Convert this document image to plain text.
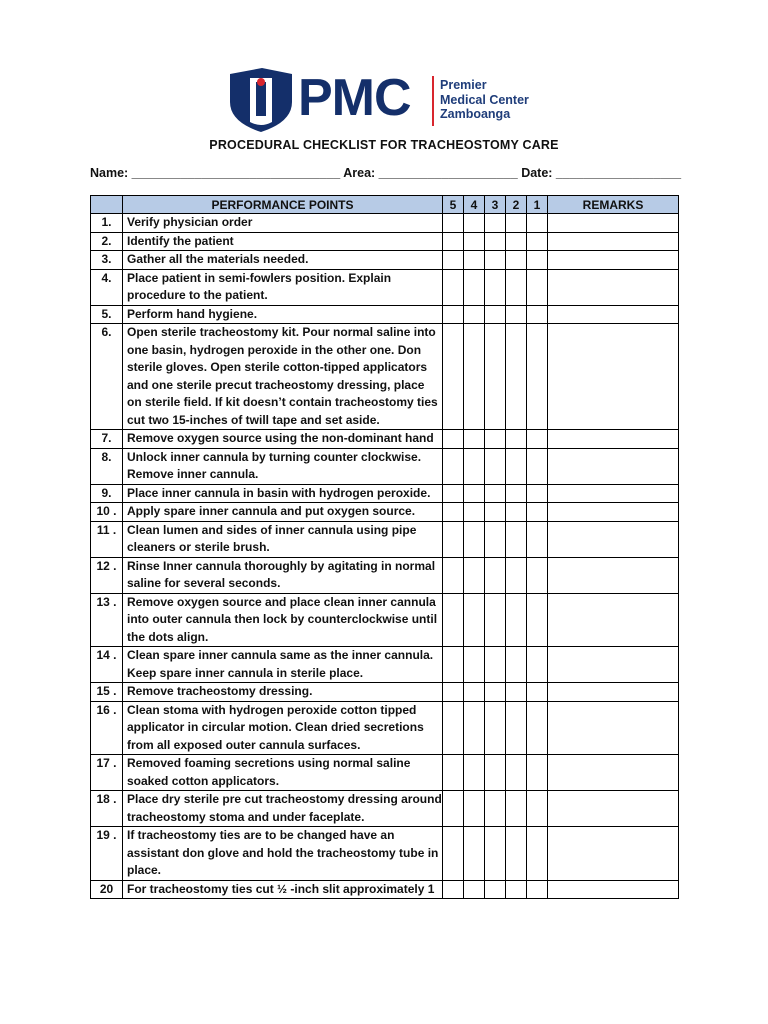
PMC Premier
Medical Center
Zamboanga
PROCEDURAL CHECKLIST FOR TRACHEOSTOMY CARE
Name: ______________________________ Area: ____________________ Date: __________________
	PERFORMANCE POINTS	5	4	3	2	1	REMARKS
1.	Verify physician order						
2.	Identify the patient						
3.	Gather all the materials needed.						
4.	Place patient in semi-fowlers position. Explain procedure to the patient.						
5.	Perform hand hygiene.						
6.	Open sterile tracheostomy kit. Pour normal saline into one basin, hydrogen peroxide in the other one. Don sterile gloves. Open sterile cotton-tipped applicators and one sterile precut tracheostomy dressing, place on sterile field. If kit doesn’t contain tracheostomy ties cut two 15-inches of twill tape and set aside.						
7.	Remove oxygen source using the non-dominant hand						
8.	Unlock inner cannula by turning counter clockwise. Remove inner cannula.						
9.	Place inner cannula in basin with hydrogen peroxide.						
10 .	Apply spare inner cannula and put oxygen source.						
11 .	Clean lumen and sides of inner cannula using pipe cleaners or sterile brush.						
12 .	Rinse Inner cannula thoroughly by agitating in normal saline for several seconds.						
13 .	Remove oxygen source and place clean inner cannula into outer cannula then lock by counterclockwise until the dots align.						
14 .	Clean spare inner cannula same as the inner cannula. Keep spare inner cannula in sterile place.						
15 .	Remove tracheostomy dressing.						
16 .	Clean stoma with hydrogen peroxide cotton tipped applicator in circular motion. Clean dried secretions from all exposed outer cannula surfaces.						
17 .	Removed foaming secretions using normal saline soaked cotton applicators.						
18 .	Place dry sterile pre cut tracheostomy dressing around tracheostomy stoma and under faceplate.						
19 .	If tracheostomy ties are to be changed have an assistant don glove and hold the tracheostomy tube in place.						
20	For tracheostomy ties cut ½ -inch slit approximately 1						
